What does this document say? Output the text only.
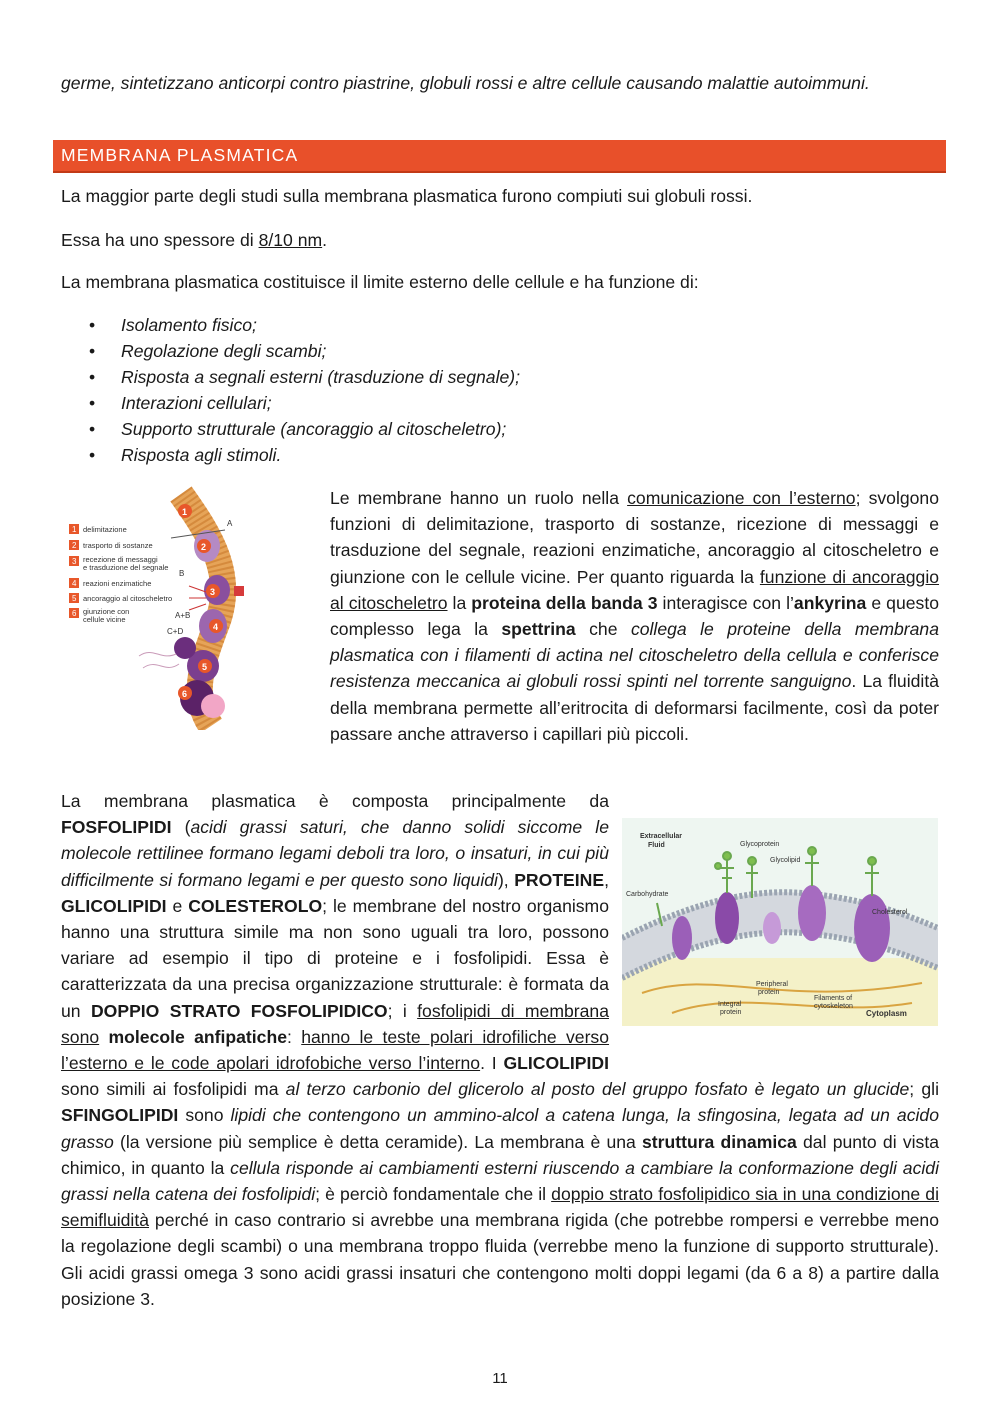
germe, sintetizzano anticorpi contro piastrine, globuli rossi e altre cellule causando malattie autoimmuni.

MEMBRANA PLASMATICA

La maggior parte degli studi sulla membrana plasmatica furono compiuti sui globuli rossi.

Essa ha uno spessore di 8/10 nm.

La membrana plasmatica costituisce il limite esterno delle cellule e ha funzione di:

• Isolamento fisico;
• Regolazione degli scambi;
• Risposta a segnali esterni (trasduzione di segnale);
• Interazioni cellulari;
• Supporto strutturale (ancoraggio al citoscheletro);
• Risposta agli stimoli.
1 delimitazione
2 trasporto di sostanze
3 recezione di messaggi
e trasduzione del segnale
4 reazioni enzimatiche
5 ancoraggio al citoscheletro
6 giunzione con
cellule vicine
1
2
3
4
5
6
A
B
A+B
C+D

Le membrane hanno un ruolo nella comunicazione con l’esterno; svolgono funzioni di delimitazione, trasporto di sostanze, ricezione di messaggi e trasduzione del segnale, reazioni enzimatiche, ancoraggio al citoscheletro e giunzione con le cellule vicine. Per quanto riguarda la funzione di ancoraggio al citoscheletro la proteina della banda 3 interagisce con l’ankyrina e questo complesso lega la spettrina che collega le proteine della membrana plasmatica con i filamenti di actina nel citoscheletro della cellula e conferisce resistenza meccanica ai globuli rossi spinti nel torrente sanguigno. La fluidità della membrana permette all’eritrocita di deformarsi facilmente, così da poter passare anche attraverso i capillari più piccoli.

Extracellular
Fluid	Glycoprotein
Glycolipid
Carbohydrate
Cholesterol
Peripheral
protein
Integral
protein
Filaments of
cytoskeleton
Cytoplasm

La membrana plasmatica è composta principalmente da FOSFOLIPIDI (acidi grassi saturi, che danno solidi siccome le molecole rettilinee formano legami deboli tra loro, o insaturi, in cui più difficilmente si formano legami e per questo sono liquidi), PROTEINE, GLICOLIPIDI e COLESTEROLO; le membrane del nostro organismo hanno una struttura simile ma non sono uguali tra loro, possono variare ad esempio il tipo di proteine e i fosfolipidi. Essa è caratterizzata da una precisa organizzazione strutturale: è formata da un DOPPIO STRATO FOSFOLIPIDICO; i fosfolipidi di membrana sono molecole anfipatiche: hanno le teste polari idrofiliche verso l’esterno e le code apolari idrofobiche verso l’interno. I GLICOLIPIDI sono simili ai fosfolipidi ma al terzo carbonio del glicerolo al posto del gruppo fosfato è legato un glucide; gli SFINGOLIPIDI sono lipidi che contengono un ammino-alcol a catena lunga, la sfingosina, legata ad un acido grasso (la versione più semplice è detta ceramide). La membrana è una struttura dinamica dal punto di vista chimico, in quanto la cellula risponde ai cambiamenti esterni riuscendo a cambiare la conformazione degli acidi grassi nella catena dei fosfolipidi; è perciò fondamentale che il doppio strato fosfolipidico sia in una condizione di semifluidità perché in caso contrario si avrebbe una membrana rigida (che potrebbe rompersi e verrebbe meno la regolazione degli scambi) o una membrana troppo fluida (verrebbe meno la funzione di supporto strutturale). Gli acidi grassi omega 3 sono acidi grassi insaturi che contengono molti doppi legami (da 6 a 8) a partire dalla posizione 3.

11
